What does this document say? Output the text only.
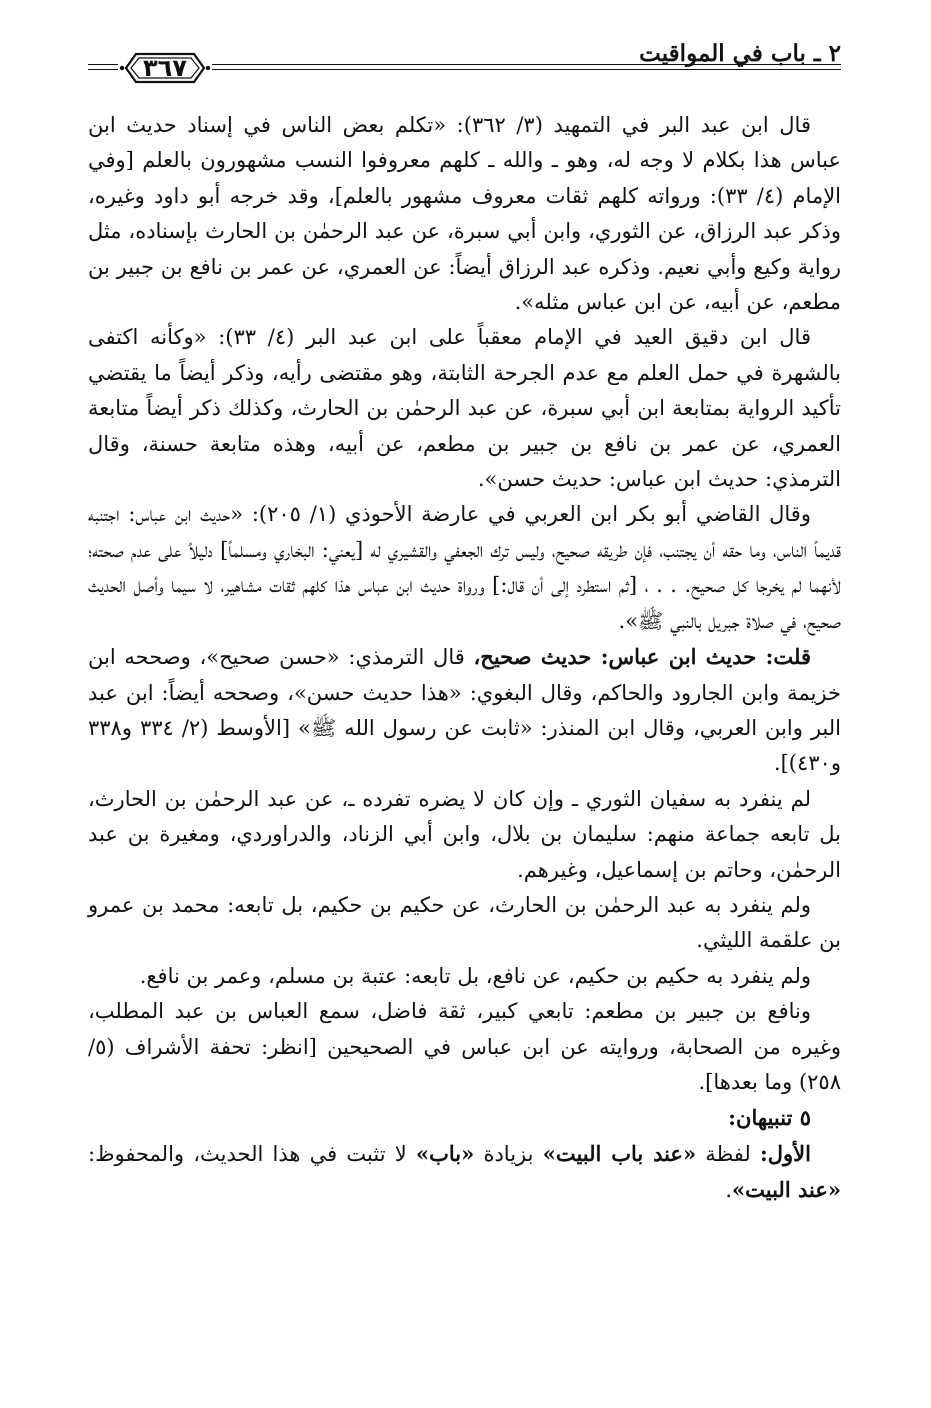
٢ ـ باب في المواقيت
٣٦٧

قال ابن عبد البر في التمهيد (٣/ ٣٦٢): «تكلم بعض الناس في إسناد حديث ابن عباس هذا بكلام لا وجه له، وهو ـ والله ـ كلهم معروفوا النسب مشهورون بالعلم [وفي الإمام (٤/ ٣٣): ورواته كلهم ثقات معروف مشهور بالعلم]، وقد خرجه أبو داود وغيره، وذكر عبد الرزاق، عن الثوري، وابن أبي سبرة، عن عبد الرحمٰن بن الحارث بإسناده، مثل رواية وكيع وأبي نعيم. وذكره عبد الرزاق أيضاً: عن العمري، عن عمر بن نافع بن جبير بن مطعم، عن أبيه، عن ابن عباس مثله».

قال ابن دقيق العيد في الإمام معقباً على ابن عبد البر (٤/ ٣٣): «وكأنه اكتفى بالشهرة في حمل العلم مع عدم الجرحة الثابتة، وهو مقتضى رأيه، وذكر أيضاً ما يقتضي تأكيد الرواية بمتابعة ابن أبي سبرة، عن عبد الرحمٰن بن الحارث، وكذلك ذكر أيضاً متابعة العمري، عن عمر بن نافع بن جبير بن مطعم، عن أبيه، وهذه متابعة حسنة، وقال الترمذي: حديث ابن عباس: حديث حسن».

وقال القاضي أبو بكر ابن العربي في عارضة الأحوذي (١/ ٢٠٥): «حديث ابن عباس: اجتنبه قديماً الناس، وما حقه أن يجتنب، فإن طريقه صحيح، وليس ترك الجعفي والقشيري له [يعني: البخاري ومسلماً] دليلاً على عدم صحته؛ لأنهما لم يخرجا كل صحيح. . . ، [ثم استطرد إلى أن قال:] ورواة حديث ابن عباس هذا كلهم ثقات مشاهير، لا سيما وأصل الحديث صحيح، في صلاة جبريل بالنبي ﷺ».

قلت: حديث ابن عباس: حديث صحيح، قال الترمذي: «حسن صحيح»، وصححه ابن خزيمة وابن الجارود والحاكم، وقال البغوي: «هذا حديث حسن»، وصححه أيضاً: ابن عبد البر وابن العربي، وقال ابن المنذر: «ثابت عن رسول الله ﷺ» [الأوسط (٢/ ٣٣٤ و٣٣٨ و٤٣٠)].

لم ينفرد به سفيان الثوري ـ وإن كان لا يضره تفرده ـ، عن عبد الرحمٰن بن الحارث، بل تابعه جماعة منهم: سليمان بن بلال، وابن أبي الزناد، والدراوردي، ومغيرة بن عبد الرحمٰن، وحاتم بن إسماعيل، وغيرهم.

ولم ينفرد به عبد الرحمٰن بن الحارث، عن حكيم بن حكيم، بل تابعه: محمد بن عمرو بن علقمة الليثي.

ولم ينفرد به حكيم بن حكيم، عن نافع، بل تابعه: عتبة بن مسلم، وعمر بن نافع.

ونافع بن جبير بن مطعم: تابعي كبير، ثقة فاضل، سمع العباس بن عبد المطلب، وغيره من الصحابة، وروايته عن ابن عباس في الصحيحين [انظر: تحفة الأشراف (٥/ ٢٥٨) وما بعدها].

٥ تنبيهان:

الأول: لفظة «عند باب البيت» بزيادة «باب» لا تثبت في هذا الحديث، والمحفوظ: «عند البيت».
